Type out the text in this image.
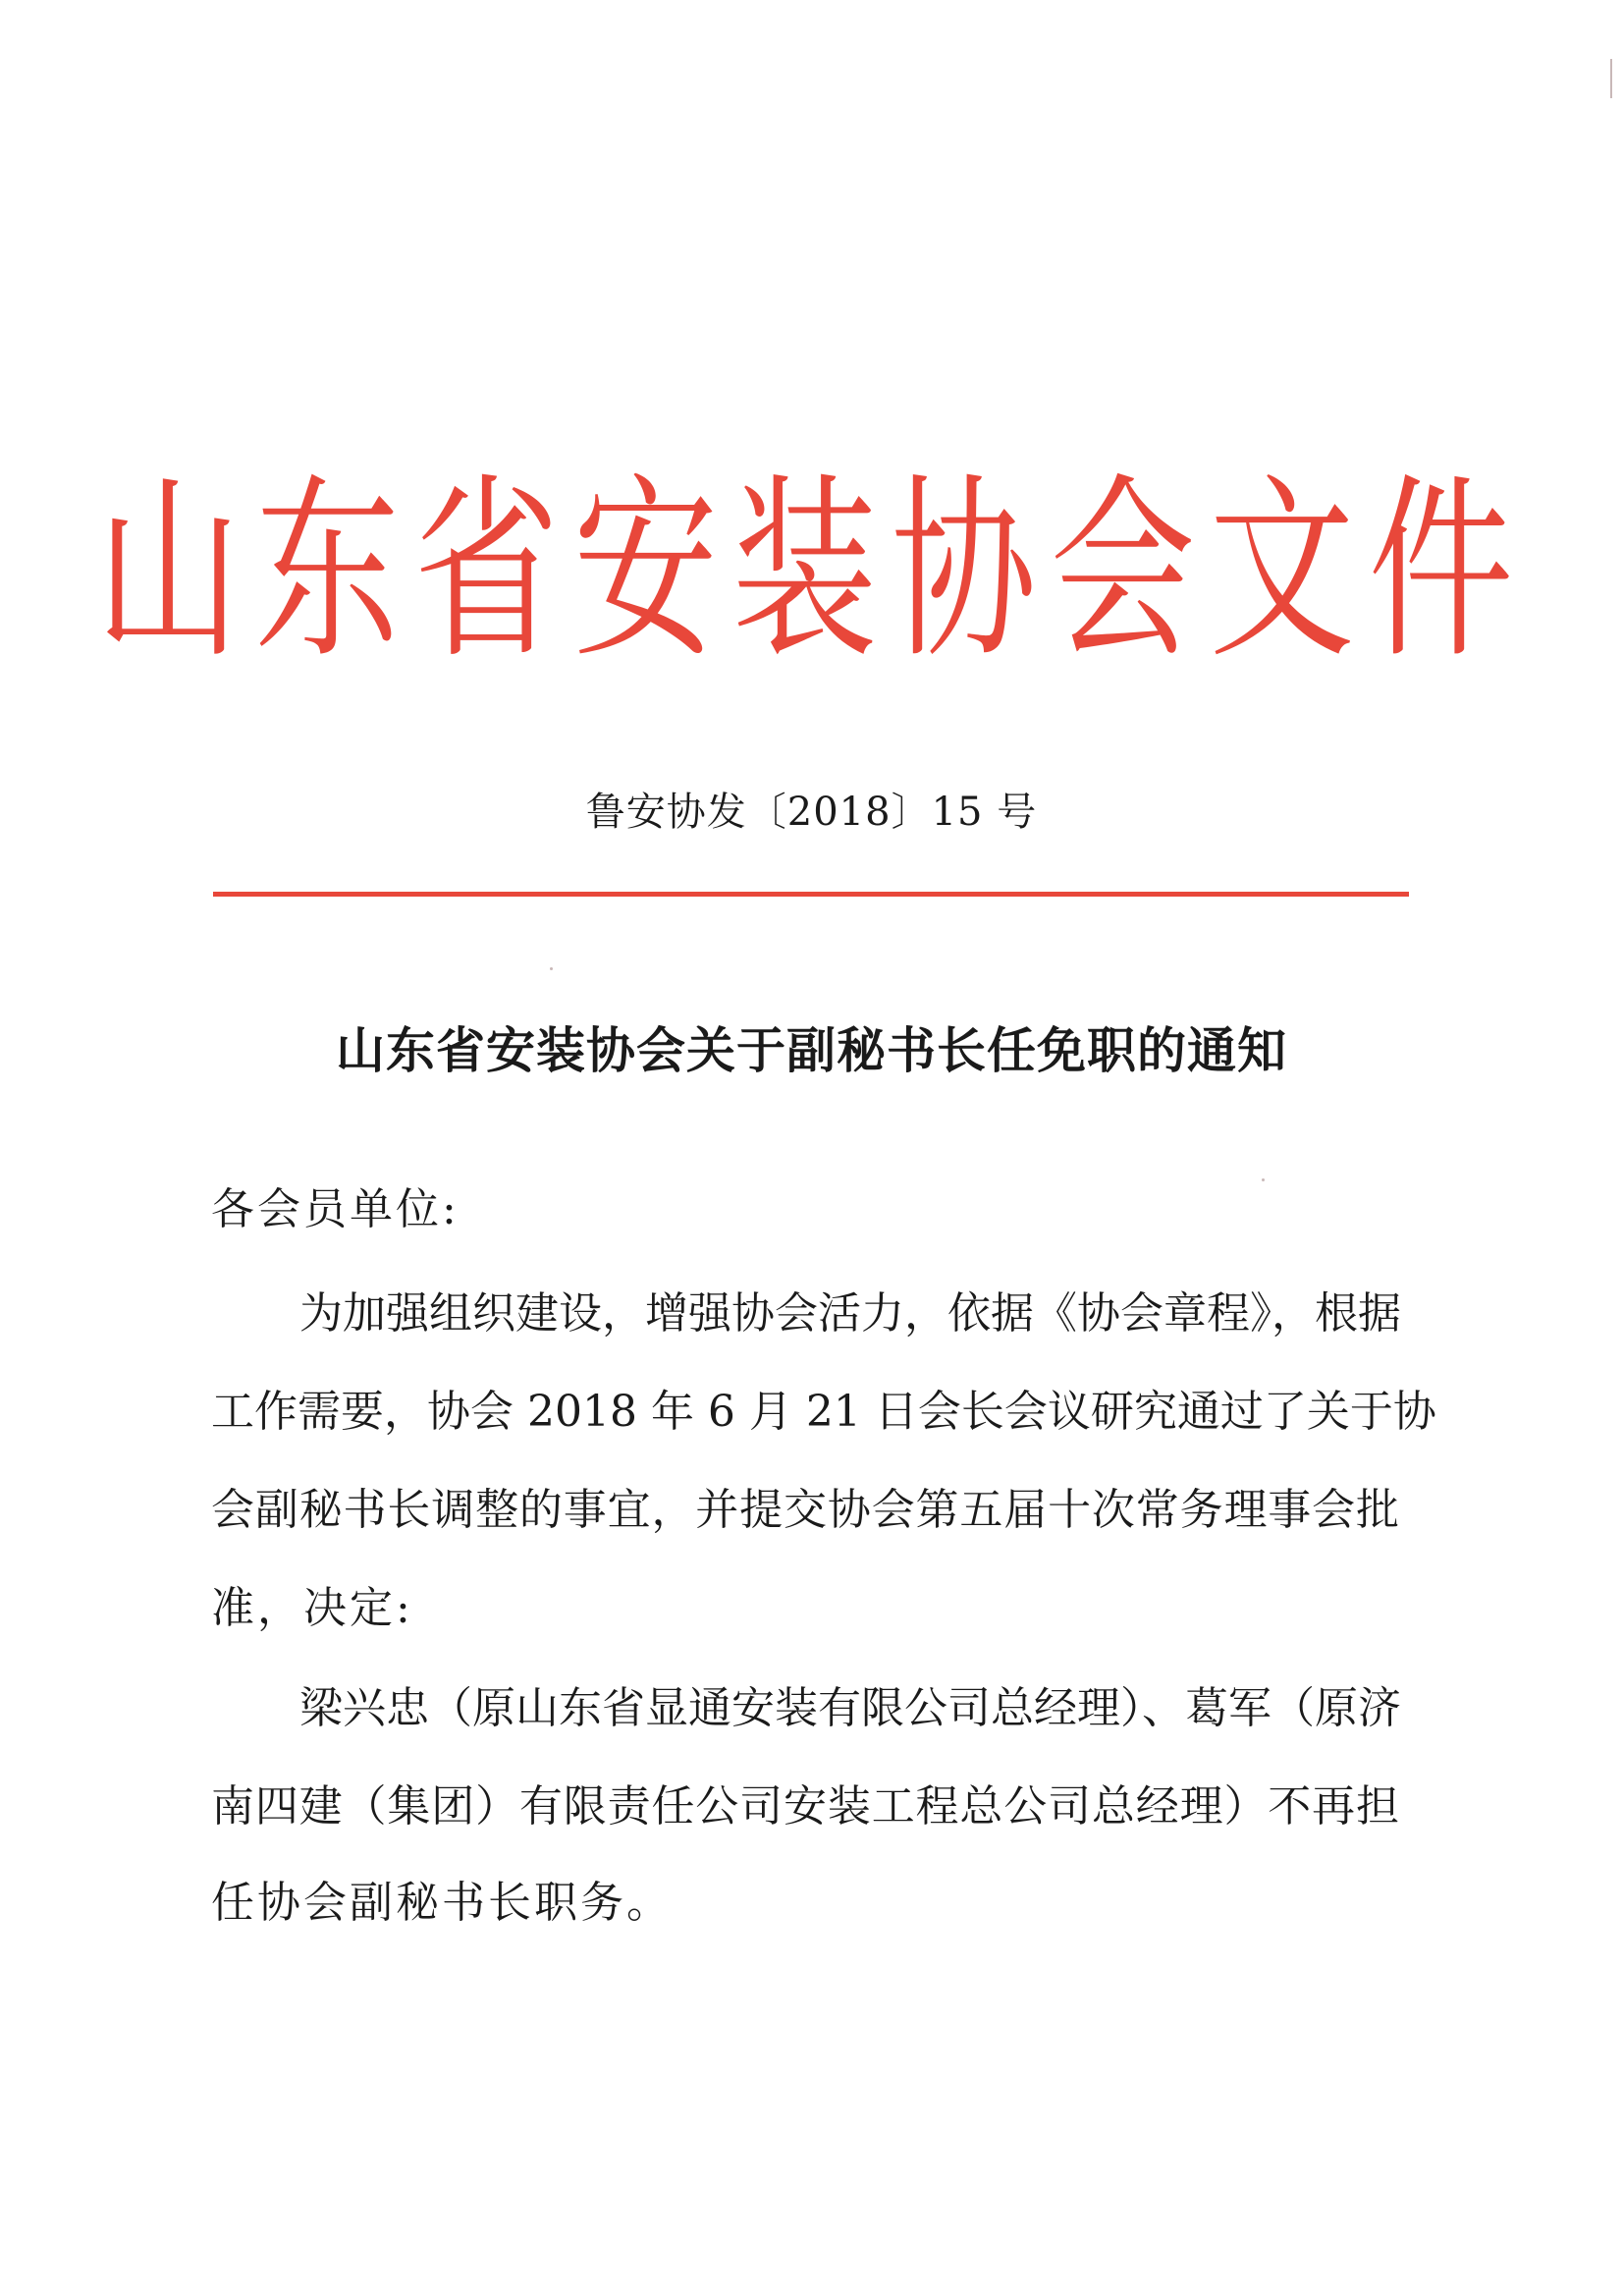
山东省安装协会文件
鲁安协发〔2018〕15 号
山东省安装协会关于副秘书长任免职的通知
各会员单位:
为加强组织建设，增强协会活力，依据《协会章程》，根据
工作需要，协会 2018 年 6 月 21 日会长会议研究通过了关于协
会副秘书长调整的事宜，并提交协会第五届十次常务理事会批
准，决定:
梁兴忠（原山东省显通安装有限公司总经理）、葛军（原济
南四建（集团）有限责任公司安装工程总公司总经理）不再担
任协会副秘书长职务。
